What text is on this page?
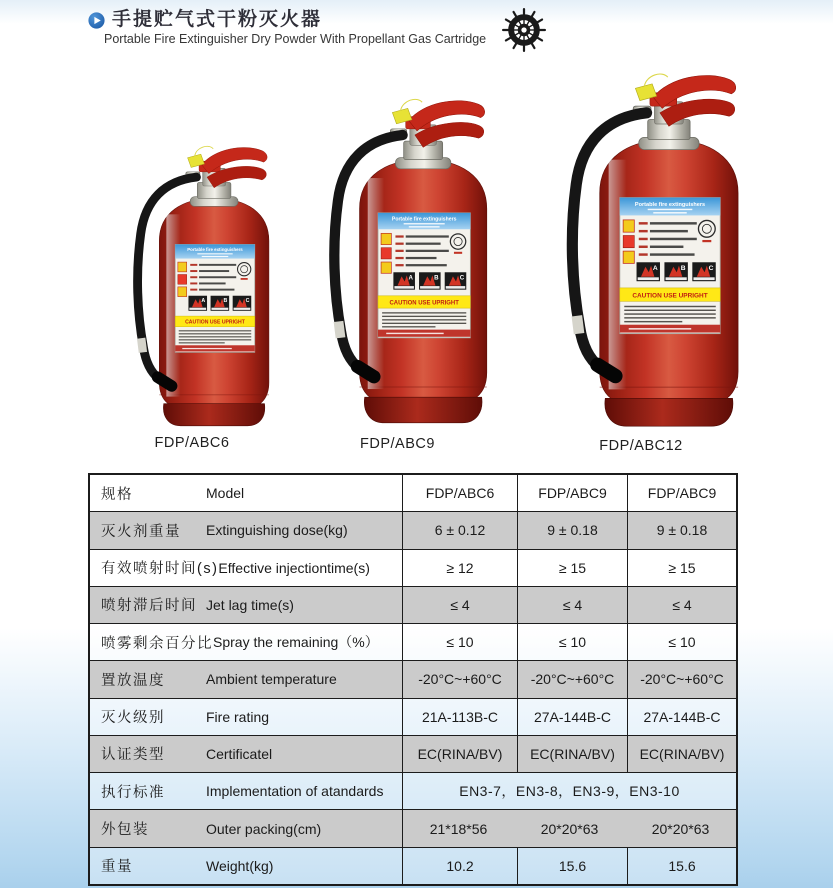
手提贮气式干粉灭火器
Portable Fire Extinguisher Dry Powder With Propellant Gas Cartridge
FDP/ABC6	FDP/ABC9	FDP/ABC12
规格	Model	FDP/ABC6	FDP/ABC9	FDP/ABC9
灭火剂重量	Extinguishing dose(kg)	6 ± 0.12	9 ± 0.18	9 ± 0.18
有效喷射时间(s) Effective injectiontime(s)	≥ 12	≥ 15	≥ 15
喷射滞后时间 Jet lag time(s)	≤ 4	≤ 4	≤ 4
喷雾剩余百分比 Spray the remaining（%）	≤ 10	≤ 10	≤ 10
置放温度	Ambient temperature	-20°C~+60°C	-20°C~+60°C	-20°C~+60°C
灭火级别	Fire rating	21A-113B-C	27A-144B-C	27A-144B-C
认证类型	Certificatel	EC(RINA/BV)	EC(RINA/BV)	EC(RINA/BV)
执行标准	Implementation of atandards	EN3-7，EN3-8，EN3-9，EN3-10
外包装	Outer packing(cm)	21*18*56	20*20*63	20*20*63
重量	Weight(kg)	10.2	15.6	15.6
